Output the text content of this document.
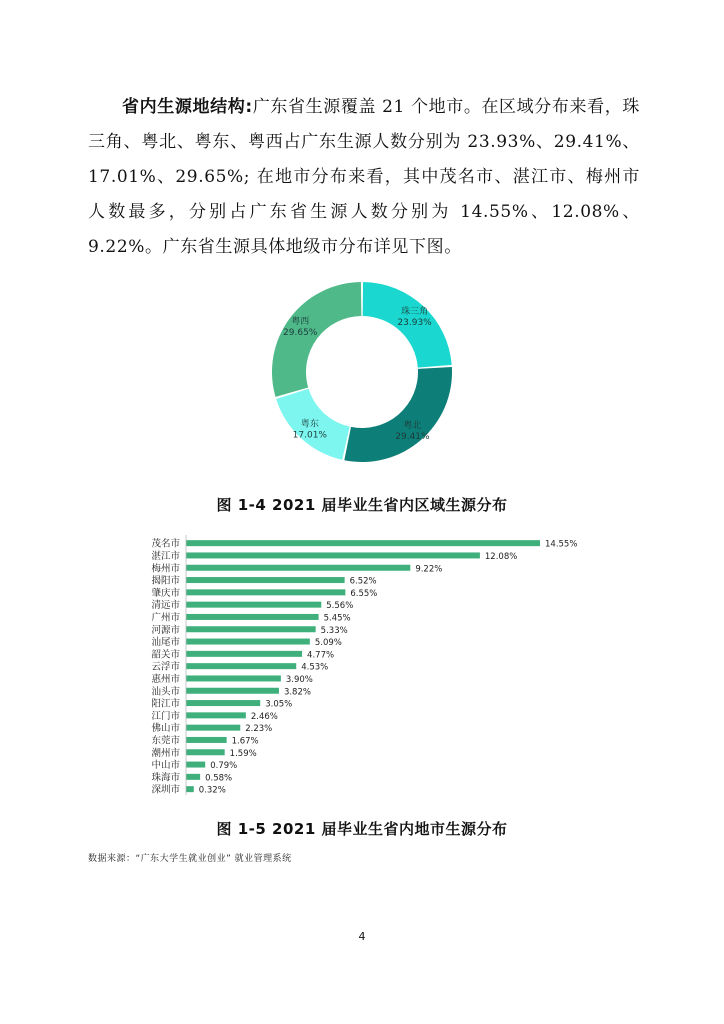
省内生源地结构:广东省生源覆盖 21 个地市。在区域分布来看，珠三角、粤北、粤东、粤西占广东生源人数分别为 23.93%、29.41%、17.01%、29.65%; 在地市分布来看，其中茂名市、湛江市、梅州市人数最多，分别占广东省生源人数分别为 14.55%、12.08%、9.22%。广东省生源具体地级市分布详见下图。
珠三角
23.93%
粤北
29.41%
粤东
17.01%
粤西
29.65%
图 1-4 2021 届毕业生省内区域生源分布
茂名市	14.55%
湛江市	12.08%
梅州市	9.22%
揭阳市	6.52%
肇庆市	6.55%
清远市	5.56%
广州市	5.45%
河源市	5.33%
汕尾市	5.09%
韶关市	4.77%
云浮市	4.53%
惠州市	3.90%
汕头市	3.82%
阳江市	3.05%
江门市	2.46%
佛山市	2.23%
东莞市	1.67%
潮州市	1.59%
中山市	0.79%
珠海市	0.58%
深圳市 0.32%
图 1-5 2021 届毕业生省内地市生源分布
数据来源：“广东大学生就业创业” 就业管理系统
4
